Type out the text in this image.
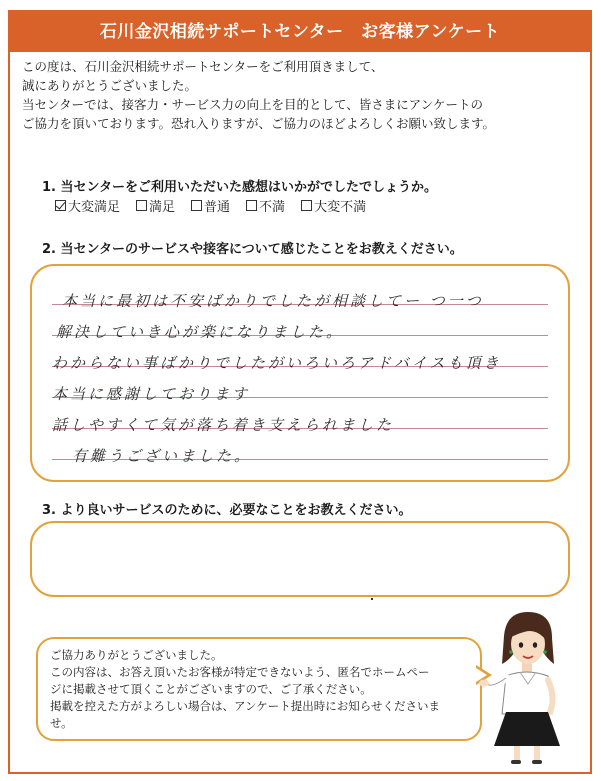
石川金沢相続サポートセンター　お客様アンケート

この度は、石川金沢相続サポートセンターをご利用頂きまして、

誠にありがとうございました。

当センターでは、接客力・サービス力の向上を目的として、皆さまにアンケートの

ご協力を頂いております。恐れ入りますが、ご協力のほどよろしくお願い致します。

1. 当センターをご利用いただいた感想はいかがでしたでしょうか。
大変満足 満足 普通 不満 大変不満
2. 当センターのサービスや接客について感じたことをお教えください。
本当に最初は不安ばかりでしたが相談してー つ一つ
解決していき心が楽になりました。
わからない事ばかりでしたがいろいろアドバイスも頂き
本当に感謝しております
話しやすくて気が落ち着き支えられました
有難うございました。
3. より良いサービスのために、必要なことをお教えください。

ご協力ありがとうございました。

この内容は、お答え頂いたお客様が特定できないよう、匿名でホームペー

ジに掲載させて頂くことがございますので、ご了承ください。

掲載を控えた方がよろしい場合は、アンケート提出時にお知らせくださいま

せ。
